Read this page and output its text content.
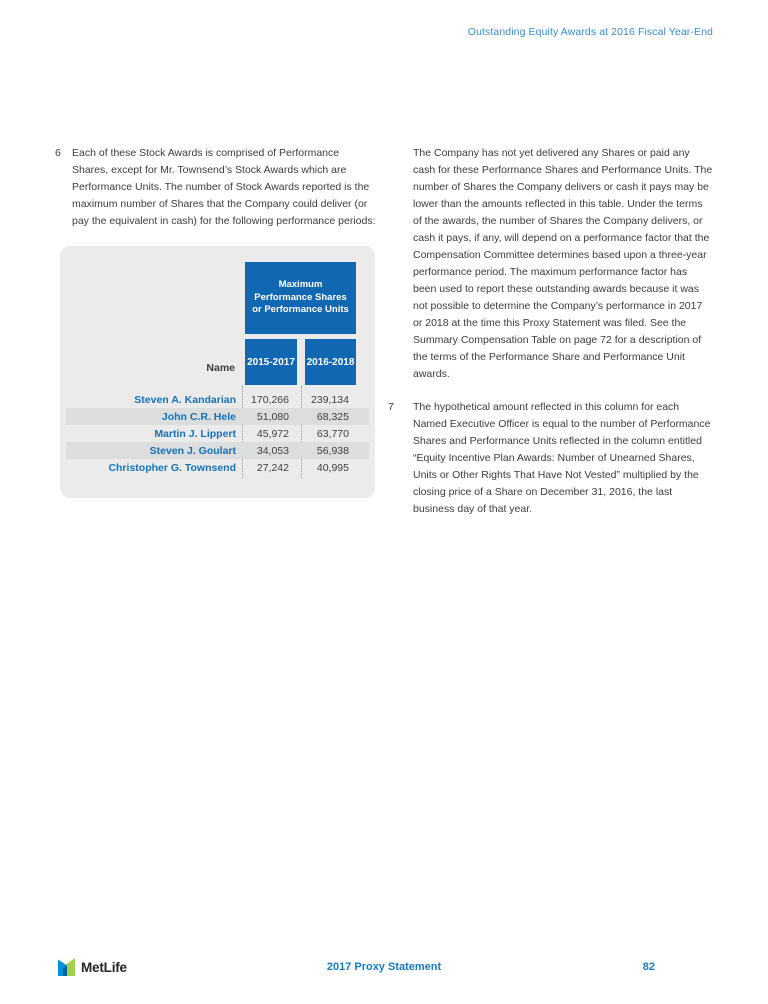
Outstanding Equity Awards at 2016 Fiscal Year-End
6	Each of these Stock Awards is comprised of Performance Shares, except for Mr. Townsend’s Stock Awards which are Performance Units. The number of Stock Awards reported is the maximum number of Shares that the Company could deliver (or pay the equivalent in cash) for the following performance periods:
Maximum Performance Shares or Performance Units
2015-2017 2016-2018
Name
Steven A. Kandarian	170,266	239,134
John C.R. Hele	51,080	68,325
Martin J. Lippert	45,972	63,770
Steven J. Goulart	34,053	56,938
Christopher G. Townsend	27,242	40,995
The Company has not yet delivered any Shares or paid any cash for these Performance Shares and Performance Units. The number of Shares the Company delivers or cash it pays may be lower than the amounts reflected in this table. Under the terms of the awards, the number of Shares the Company delivers, or cash it pays, if any, will depend on a performance factor that the Compensation Committee determines based upon a three-year performance period. The maximum performance factor has been used to report these outstanding awards because it was not possible to determine the Company’s performance in 2017 or 2018 at the time this Proxy Statement was filed. See the Summary Compensation Table on page 72 for a description of the terms of the Performance Share and Performance Unit awards.
7	The hypothetical amount reflected in this column for each Named Executive Officer is equal to the number of Performance Shares and Performance Units reflected in the column entitled “Equity Incentive Plan Awards: Number of Unearned Shares, Units or Other Rights That Have Not Vested” multiplied by the closing price of a Share on December 31, 2016, the last business day of that year.
MetLife	2017 Proxy Statement	82
